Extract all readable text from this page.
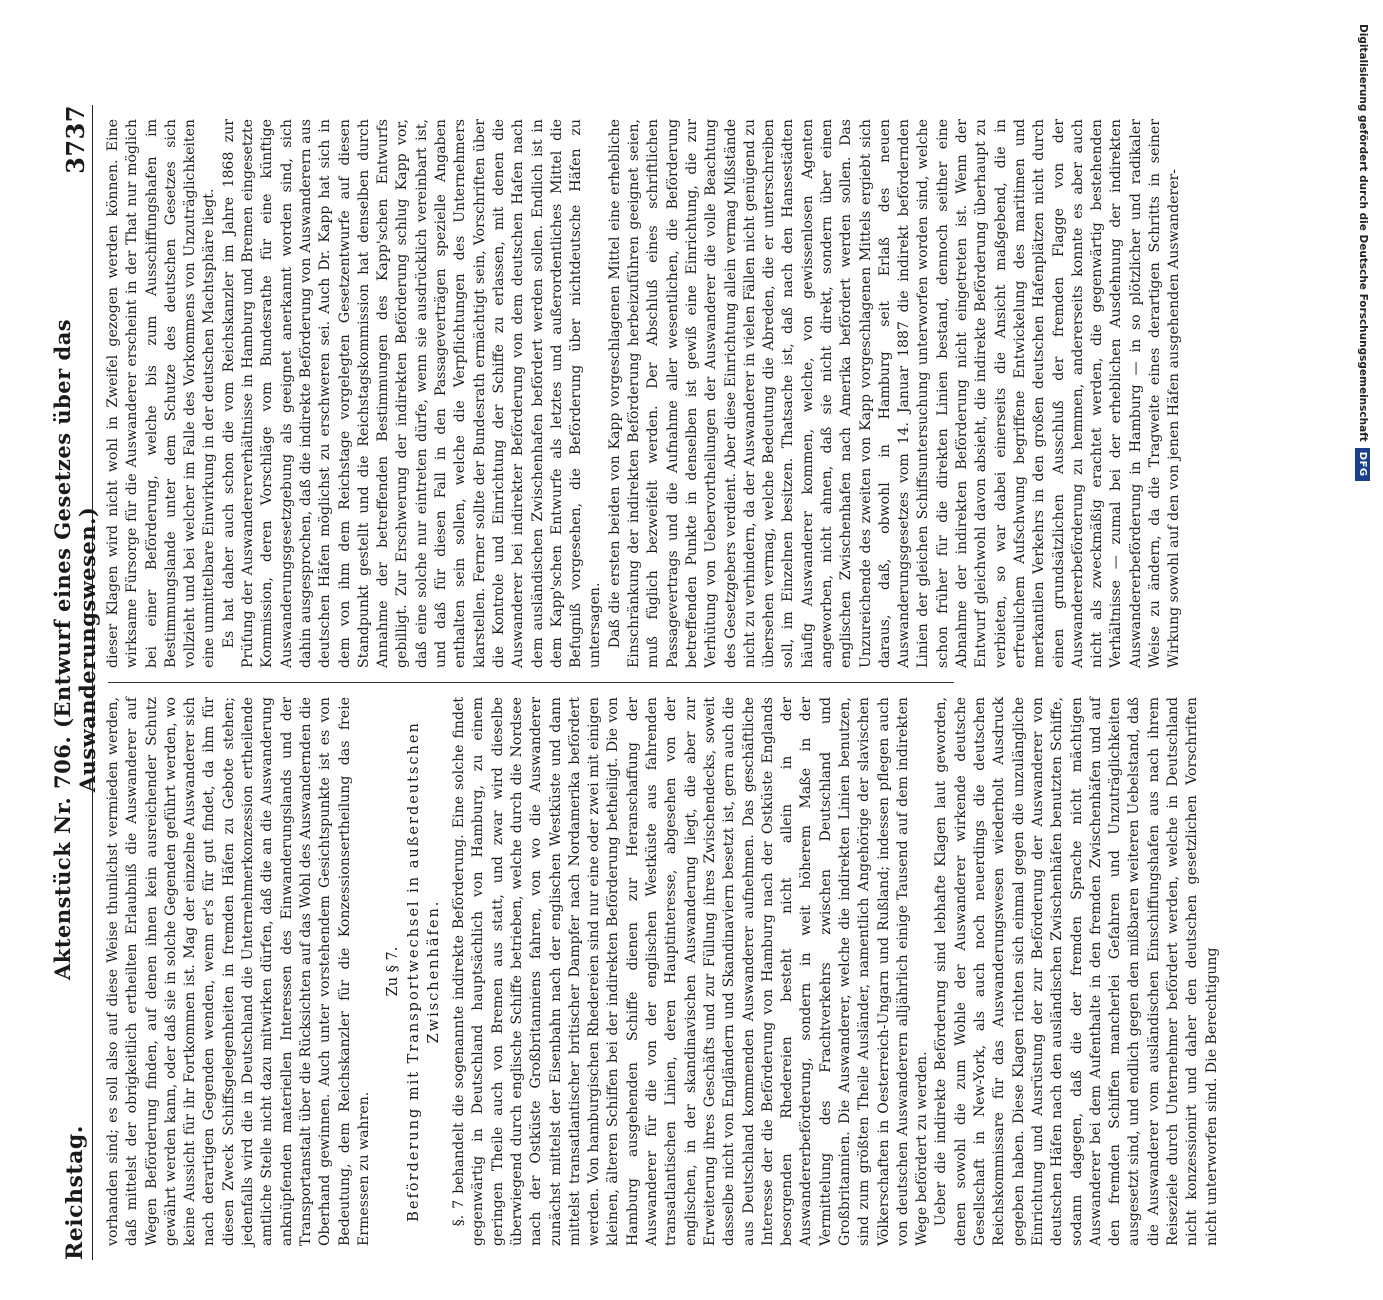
Reichstag.
Aktenstück Nr. 706. (Entwurf eines Gesetzes über das Auswanderungswesen.)
3737

vorhanden sind; es soll also auf diese Weise thunlichst vermieden werden, daß mittelst der obrigkeitlich ertheilten Erlaubniß die Auswanderer auf Wegen Beförderung finden, auf denen ihnen kein ausreichender Schutz gewährt werden kann, oder daß sie in solche Gegenden geführt werden, wo keine Aussicht für ihr Fortkommen ist. Mag der einzelne Auswanderer sich nach derartigen Gegenden wenden, wenn er's für gut findet, da ihm für diesen Zweck Schiffsgelegenheiten in fremden Häfen zu Gebote stehen; jedenfalls wird die in Deutschland die Unternehmerkonzession ertheilende amtliche Stelle nicht dazu mitwirken dürfen, daß die an die Auswanderung anknüpfenden materiellen Interessen des Einwanderungslands und der Transportanstalt über die Rücksichten auf das Wohl des Auswandernden die Oberhand gewinnen. Auch unter vorstehendem Gesichtspunkte ist es von Bedeutung, dem Reichskanzler für die Konzessionsertheilung das freie Ermessen zu wahren.

Zu § 7. Beförderung mit Transportwechsel in außerdeutschen Zwischenhäfen. §. 7 behandelt die sogenannte indirekte Beförderung. Eine solche findet gegenwärtig in Deutschland hauptsächlich von Hamburg, zu einem geringen Theile auch von Bremen aus statt, und zwar wird dieselbe überwiegend durch englische Schiffe betrieben, welche durch die Nordsee nach der Ostküste Großbritanniens fahren, von wo die Auswanderer zunächst mittelst der Eisenbahn nach der englischen Westküste und dann mittelst transatlantischer britischer Dampfer nach Nordamerika befördert werden. Von hamburgischen Rhedereien sind nur eine oder zwei mit einigen kleinen, älteren Schiffen bei der indirekten Beförderung betheiligt. Die von Hamburg ausgehenden Schiffe dienen zur Heranschaffung der Auswanderer für die von der englischen Westküste aus fahrenden transatlantischen Linien, deren Hauptinteresse, abgesehen von der englischen, in der skandinavischen Auswanderung liegt, die aber zur Erweiterung ihres Geschäfts und zur Füllung ihres Zwischendecks, soweit dasselbe nicht von Engländern und Skandinaviern besetzt ist, gern auch die aus Deutschland kommenden Auswanderer aufnehmen. Das geschäftliche Interesse der die Beförderung von Hamburg nach der Ostküste Englands besorgenden Rhedereien besteht nicht allein in der Auswandererbeförderung, sondern in weit höherem Maße in der Vermittelung des Frachtverkehrs zwischen Deutschland und Großbritannien. Die Auswanderer, welche die indirekten Linien benutzen, sind zum größten Theile Ausländer, namentlich Angehörige der slavischen Völkerschaften in Oesterreich-Ungarn und Rußland; indessen pflegen auch von deutschen Auswanderern alljährlich einige Tausend auf dem indirekten Wege befördert zu werden. Ueber die indirekte Beförderung sind lebhafte Klagen laut geworden, denen sowohl die zum Wohle der Auswanderer wirkende deutsche Gesellschaft in New-York, als auch noch neuerdings die deutschen Reichskommissare für das Auswanderungswesen wiederholt Ausdruck gegeben haben. Diese Klagen richten sich einmal gegen die unzulängliche Einrichtung und Ausrüstung der zur Beförderung der Auswanderer von deutschen Häfen nach den ausländischen Zwischenhäfen benutzten Schiffe, sodann dagegen, daß die der fremden Sprache nicht mächtigen Auswanderer bei dem Aufenthalte in den fremden Zwischenhäfen und auf den fremden Schiffen mancherlei Gefahren und Unzuträglichkeiten ausgesetzt sind, und endlich gegen den mißbaren weiteren Uebelstand, daß die Auswanderer vom ausländischen Einschiffungshafen aus nach ihrem Reiseziele durch Unternehmer befördert werden, welche in Deutschland nicht konzessionirt und daher den deutschen gesetzlichen Vorschriften nicht unterworfen sind. Die Berechtigung

dieser Klagen wird nicht wohl in Zweifel gezogen werden können. Eine wirksame Fürsorge für die Auswanderer erscheint in der That nur möglich bei einer Beförderung, welche bis zum Ausschiffungshafen im Bestimmungslande unter dem Schutze des deutschen Gesetzes sich vollzieht und bei welcher im Falle des Vorkommens von Unzuträglichkeiten eine unmittelbare Einwirkung in der deutschen Machtsphäre liegt. Es hat daher auch schon die vom Reichskanzler im Jahre 1868 zur Prüfung der Auswandererverhältnisse in Hamburg und Bremen eingesetzte Kommission, deren Vorschläge vom Bundesrathe für eine künftige Auswanderungsgesetzgebung als geeignet anerkannt worden sind, sich dahin ausgesprochen, daß die indirekte Beförderung von Auswanderern aus deutschen Häfen möglichst zu erschweren sei. Auch Dr. Kapp hat sich in dem von ihm dem Reichstage vorgelegten Gesetzentwurfe auf diesen Standpunkt gestellt und die Reichstagskommission hat denselben durch Annahme der betreffenden Bestimmungen des Kapp'schen Entwurfs gebilligt. Zur Erschwerung der indirekten Beförderung schlug Kapp vor, daß eine solche nur eintreten dürfe, wenn sie ausdrücklich vereinbart ist, und daß für diesen Fall in den Passageverträgen spezielle Angaben enthalten sein sollen, welche die Verpflichtungen des Unternehmers klarstellen. Ferner sollte der Bundesrath ermächtigt sein, Vorschriften über die Kontrole und Einrichtung der Schiffe zu erlassen, mit denen die Auswanderer bei indirekter Beförderung von dem deutschen Hafen nach dem ausländischen Zwischenhafen befördert werden sollen. Endlich ist in dem Kapp'schen Entwurfe als letztes und außerordentliches Mittel die Befugniß vorgesehen, die Beförderung über nichtdeutsche Häfen zu untersagen. Daß die ersten beiden von Kapp vorgeschlagenen Mittel eine erhebliche Einschränkung der indirekten Beförderung herbeizuführen geeignet seien, muß füglich bezweifelt werden. Der Abschluß eines schriftlichen Passagevertrags und die Aufnahme aller wesentlichen, die Beförderung betreffenden Punkte in denselben ist gewiß eine Einrichtung, die zur Verhütung von Uebervortheilungen der Auswanderer die volle Beachtung des Gesetzgebers verdient. Aber diese Einrichtung allein vermag Mißstände nicht zu verhindern, da der Auswanderer in vielen Fällen nicht genügend zu übersehen vermag, welche Bedeutung die Abreden, die er unterschreiben soll, im Einzelnen besitzen. Thatsache ist, daß nach den Hansestädten häufig Auswanderer kommen, welche, von gewissenlosen Agenten angeworben, nicht ahnen, daß sie nicht direkt, sondern über einen englischen Zwischenhafen nach Amerika befördert werden sollen. Das Unzureichende des zweiten von Kapp vorgeschlagenen Mittels ergiebt sich daraus, daß, obwohl in Hamburg seit Erlaß des neuen Auswanderungsgesetzes vom 14. Januar 1887 die indirekt befördernden Linien der gleichen Schiffsuntersuchung unterworfen worden sind, welche schon früher für die direkten Linien bestand, dennoch seither eine Abnahme der indirekten Beförderung nicht eingetreten ist. Wenn der Entwurf gleichwohl davon absieht, die indirekte Beförderung überhaupt zu verbieten, so war dabei einerseits die Ansicht maßgebend, die in erfreulichem Aufschwung begriffene Entwickelung des maritimen und merkantilen Verkehrs in den großen deutschen Hafenplätzen nicht durch einen grundsätzlichen Ausschluß der fremden Flagge von der Auswandererbeförderung zu hemmen, andererseits konnte es aber auch nicht als zweckmäßig erachtet werden, die gegenwärtig bestehenden Verhältnisse — zumal bei der erheblichen Ausdehnung der indirekten Auswandererbeförderung in Hamburg — in so plötzlicher und radikaler Weise zu ändern, da die Tragweite eines derartigen Schritts in seiner Wirkung sowohl auf den von jenen Häfen ausgehenden Auswanderer-	Digitalisierung gefördert durch die Deutsche Forschungsgemeinschaft
DFG
